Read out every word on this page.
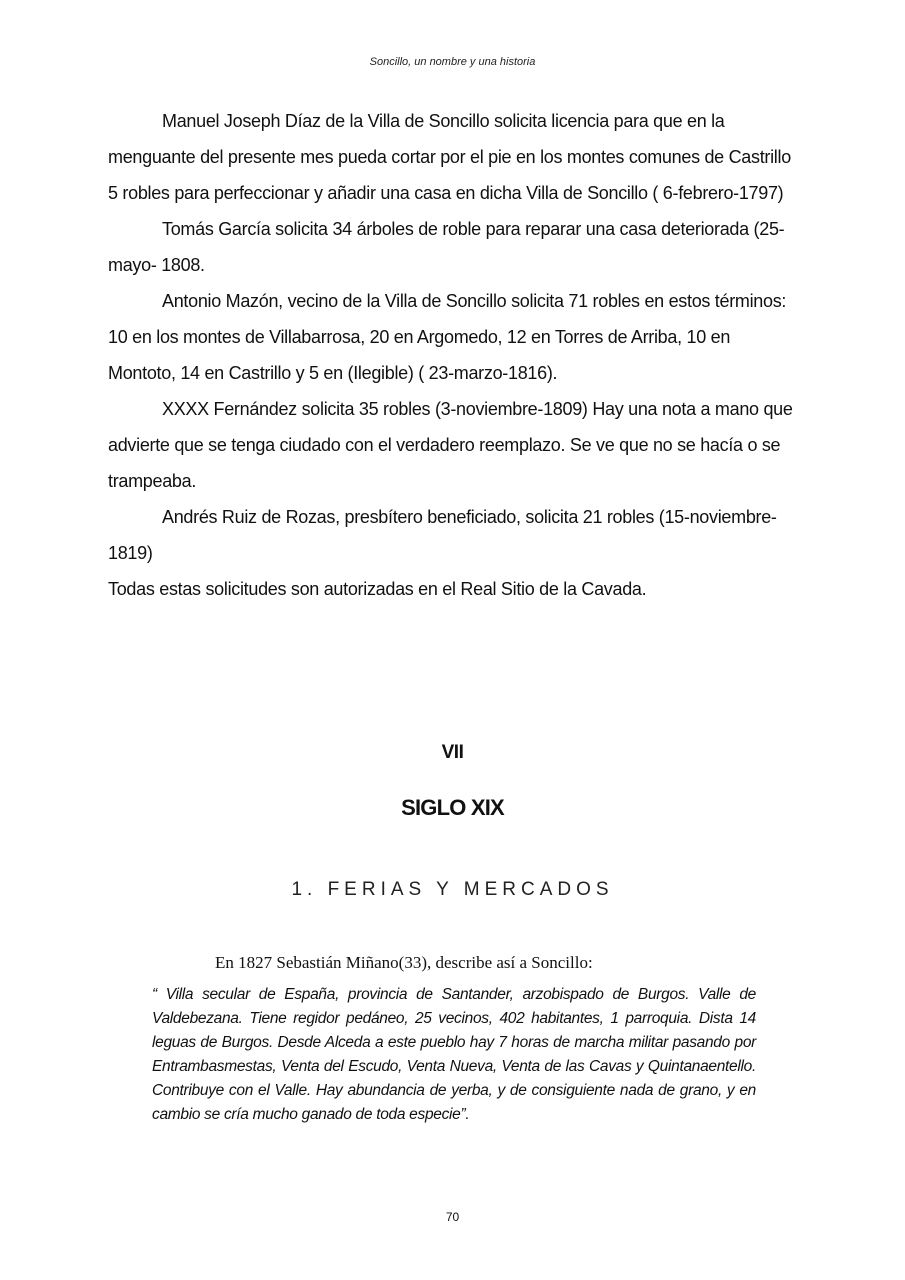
Soncillo, un nombre y una historia

Manuel Joseph Díaz de la Villa de Soncillo solicita licencia para que en la menguante del presente mes pueda cortar por el pie en los montes comunes de Castrillo 5 robles para perfeccionar y añadir una casa en dicha Villa de Soncillo ( 6-febrero-1797)

Tomás García solicita 34 árboles de roble para reparar una casa deteriorada (25- mayo- 1808.

Antonio Mazón, vecino de la Villa de Soncillo solicita 71 robles en estos términos:

10 en los montes de Villabarrosa, 20 en Argomedo, 12 en Torres de Arriba, 10 en Montoto, 14 en Castrillo y 5 en (Ilegible) ( 23-marzo-1816).

XXXX Fernández solicita 35 robles (3-noviembre-1809) Hay una nota a mano que advierte que se tenga ciudado con el verdadero reemplazo. Se ve que no se hacía o se trampeaba.

Andrés Ruiz de Rozas, presbítero beneficiado, solicita 21 robles (15-noviembre-1819)

Todas estas solicitudes son autorizadas en el Real Sitio de la Cavada.

VII
SIGLO XIX
1. FERIAS Y MERCADOS
En 1827 Sebastián Miñano(33), describe así a Soncillo:
“ Villa secular de España, provincia de Santander, arzobispado de Burgos. Valle de Valdebezana. Tiene regidor pedáneo, 25 vecinos, 402 habitantes, 1 parroquia. Dista 14 leguas de Burgos. Desde Alceda a este pueblo hay 7 horas de marcha militar pasando por Entrambasmestas, Venta del Escudo, Venta Nueva, Venta de las Cavas y Quintanaentello. Contribuye con el Valle. Hay abundancia de yerba, y de consiguiente nada de grano, y en cambio se cría mucho ganado de toda especie”.
70
